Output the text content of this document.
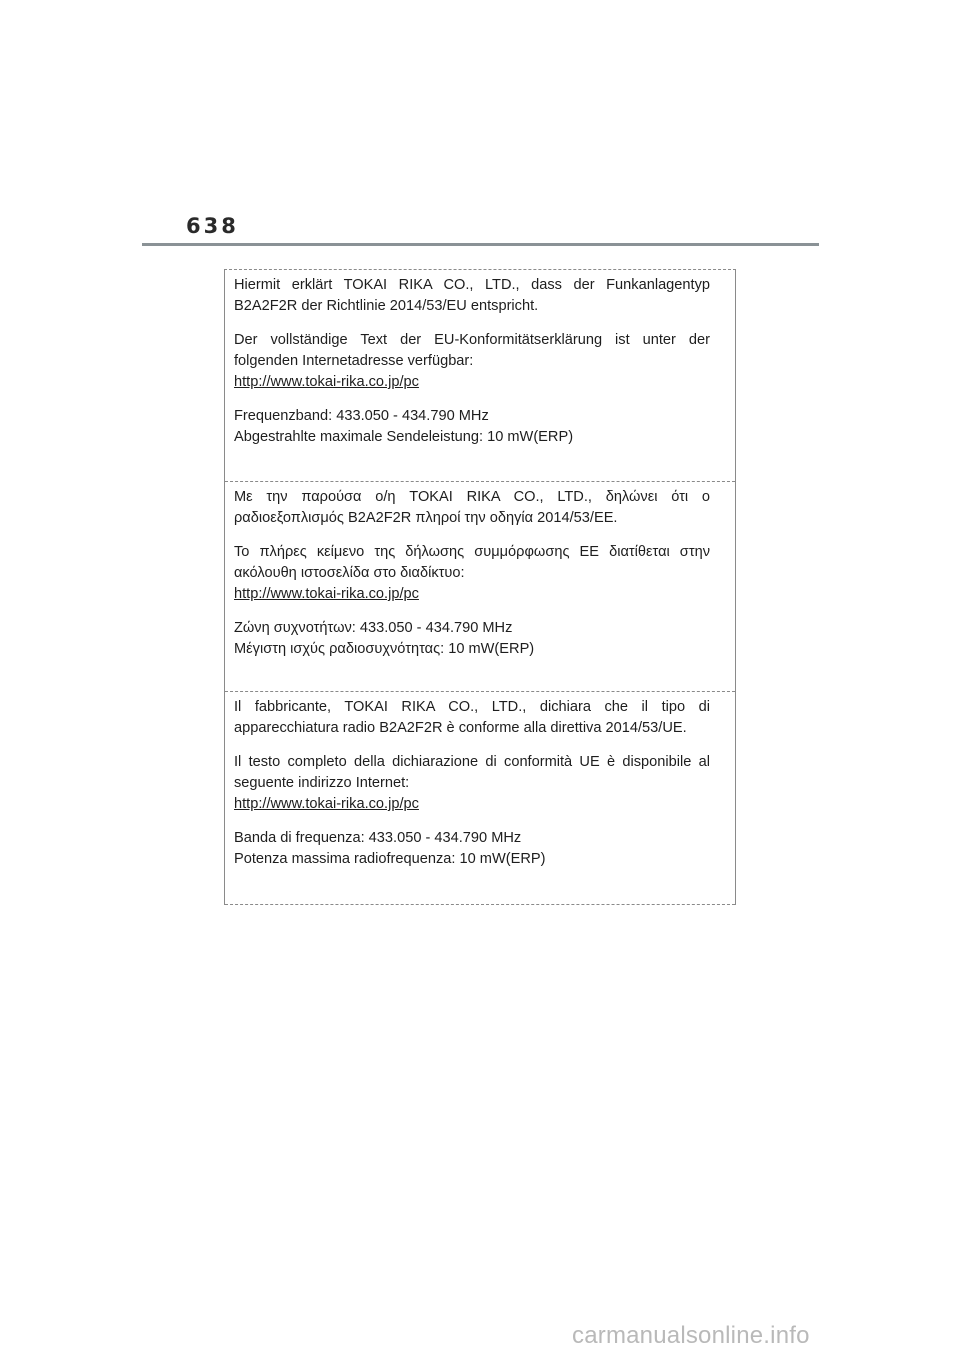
638
Hiermit erklärt TOKAI RIKA CO., LTD., dass der Funkanlagentyp
B2A2F2R der Richtlinie 2014/53/EU entspricht.
Der vollständige Text der EU-Konformitätserklärung ist unter der
folgenden Internetadresse verfügbar:
http://www.tokai-rika.co.jp/pc
Frequenzband: 433.050 - 434.790 MHz
Abgestrahlte maximale Sendeleistung: 10 mW(ERP)
Με την παρούσα ο/η TOKAI RIKA CO., LTD., δηλώνει ότι ο
ραδιοεξοπλισμός B2A2F2R πληροί την οδηγία 2014/53/ΕΕ.
Το πλήρες κείμενο της δήλωσης συμμόρφωσης ΕΕ διατίθεται στην
ακόλουθη ιστοσελίδα στο διαδίκτυο:
http://www.tokai-rika.co.jp/pc
Ζώνη συχνοτήτων: 433.050 - 434.790 MHz
Μέγιστη ισχύς ραδιοσυχνότητας: 10 mW(ERP)
Il fabbricante, TOKAI RIKA CO., LTD., dichiara che il tipo di
apparecchiatura radio B2A2F2R è conforme alla direttiva 2014/53/UE.
Il testo completo della dichiarazione di conformità UE è disponibile al
seguente indirizzo Internet:
http://www.tokai-rika.co.jp/pc
Banda di frequenza: 433.050 - 434.790 MHz
Potenza massima radiofrequenza: 10 mW(ERP)
carmanualsonline.info
